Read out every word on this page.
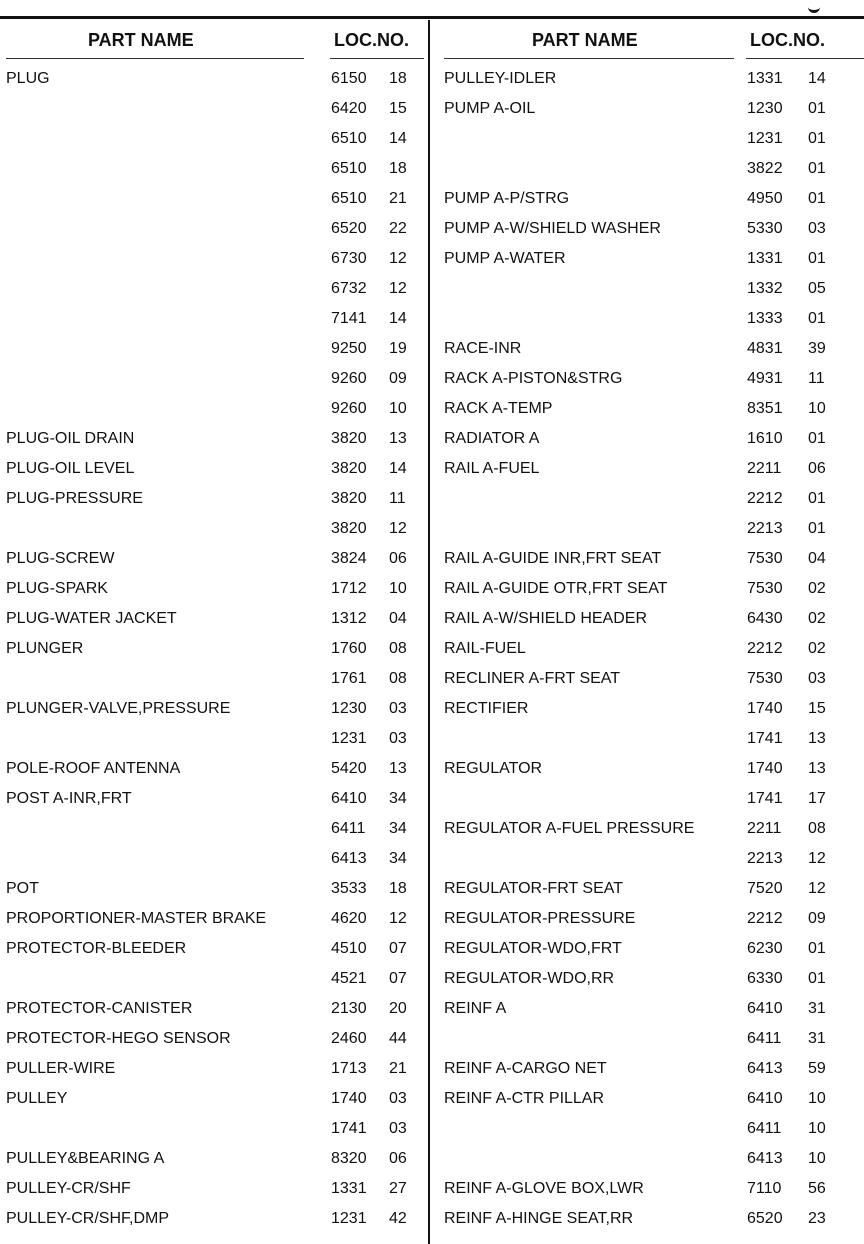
PART NAME	LOC.NO.
PLUG	6150 18
6420 15
6510 14
6510 18
6510 21
6520 22
6730 12
6732 12
7141 14
9250 19
9260 09
9260 10
PLUG-OIL DRAIN	3820 13
PLUG-OIL LEVEL	3820 14
PLUG-PRESSURE	3820 11
3820 12
PLUG-SCREW	3824 06
PLUG-SPARK	1712 10
PLUG-WATER JACKET	1312 04
PLUNGER	1760 08
1761 08
PLUNGER-VALVE,PRESSURE	1230 03
1231 03
POLE-ROOF ANTENNA	5420 13
POST A-INR,FRT	6410 34
6411 34
6413 34
POT	3533 18
PROPORTIONER-MASTER BRAKE	4620 12
PROTECTOR-BLEEDER	4510 07
4521 07
PROTECTOR-CANISTER	2130 20
PROTECTOR-HEGO SENSOR	2460 44
PULLER-WIRE	1713 21
PULLEY	1740 03
1741 03
PULLEY&BEARING A	8320 06
PULLEY-CR/SHF	1331 27
PULLEY-CR/SHF,DMP	1231 42
PART NAME	LOC.NO.
PULLEY-IDLER	1331 14
PUMP A-OIL	1230 01
1231 01
3822 01
PUMP A-P/STRG	4950 01
PUMP A-W/SHIELD WASHER	5330 03
PUMP A-WATER	1331 01
1332 05
1333 01
RACE-INR	4831 39
RACK A-PISTON&STRG	4931 11
RACK A-TEMP	8351 10
RADIATOR A	1610 01
RAIL A-FUEL	2211 06
2212 01
2213 01
RAIL A-GUIDE INR,FRT SEAT	7530 04
RAIL A-GUIDE OTR,FRT SEAT	7530 02
RAIL A-W/SHIELD HEADER	6430 02
RAIL-FUEL	2212 02
RECLINER A-FRT SEAT	7530 03
RECTIFIER	1740 15
1741 13
REGULATOR	1740 13
1741 17
REGULATOR A-FUEL PRESSURE	2211 08
2213 12
REGULATOR-FRT SEAT	7520 12
REGULATOR-PRESSURE	2212 09
REGULATOR-WDO,FRT	6230 01
REGULATOR-WDO,RR	6330 01
REINF A	6410 31
6411 31
REINF A-CARGO NET	6413 59
REINF A-CTR PILLAR	6410 10
6411 10
6413 10
REINF A-GLOVE BOX,LWR	7110 56
REINF A-HINGE SEAT,RR	6520 23
